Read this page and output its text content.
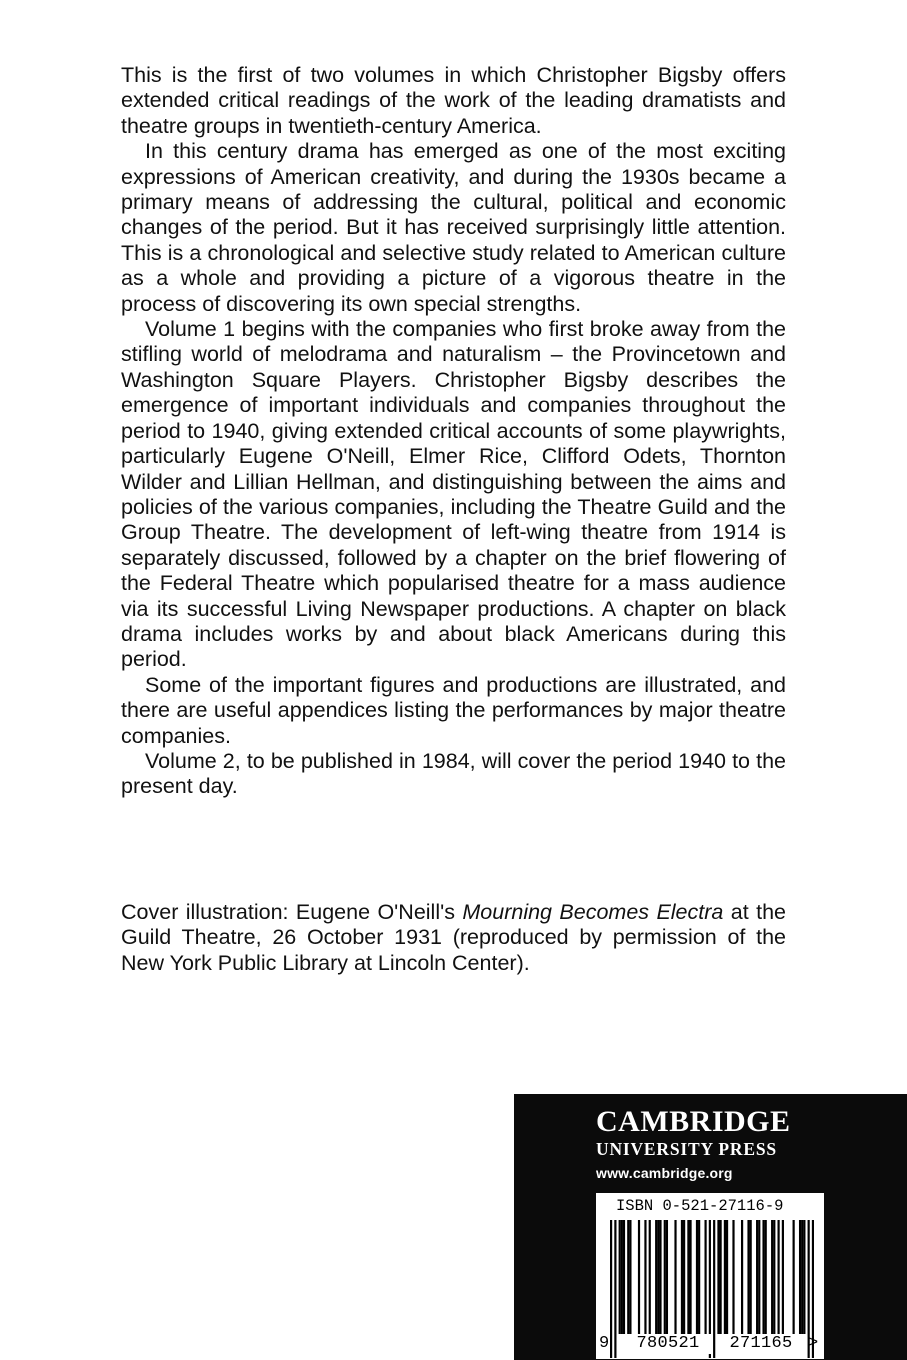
This is the first of two volumes in which Christopher Bigsby offers extended critical readings of the work of the leading dramatists and theatre groups in twentieth-century America.

In this century drama has emerged as one of the most exciting expressions of American creativity, and during the 1930s became a primary means of addressing the cultural, political and economic changes of the period. But it has received surprisingly little attention. This is a chronological and selective study related to American culture as a whole and providing a picture of a vigorous theatre in the process of discovering its own special strengths.

Volume 1 begins with the companies who first broke away from the stifling world of melodrama and naturalism – the Provincetown and Washington Square Players. Christopher Bigsby describes the emergence of important individuals and companies throughout the period to 1940, giving extended critical accounts of some playwrights, particularly Eugene O'Neill, Elmer Rice, Clifford Odets, Thornton Wilder and Lillian Hellman, and distinguishing between the aims and policies of the various companies, including the Theatre Guild and the Group Theatre. The development of left-wing theatre from 1914 is separately discussed, followed by a chapter on the brief flowering of the Federal Theatre which popularised theatre for a mass audience via its successful Living Newspaper productions. A chapter on black drama includes works by and about black Americans during this period.

Some of the important figures and productions are illustrated, and there are useful appendices listing the performances by major theatre companies.

Volume 2, to be published in 1984, will cover the period 1940 to the present day.

Cover illustration: Eugene O'Neill's Mourning Becomes Electra at the Guild Theatre, 26 October 1931 (reproduced by permission of the New York Public Library at Lincoln Center).

CAMBRIDGE
UNIVERSITY PRESS
www.cambridge.org
ISBN 0-521-27116-9
9	780521	271165 >
